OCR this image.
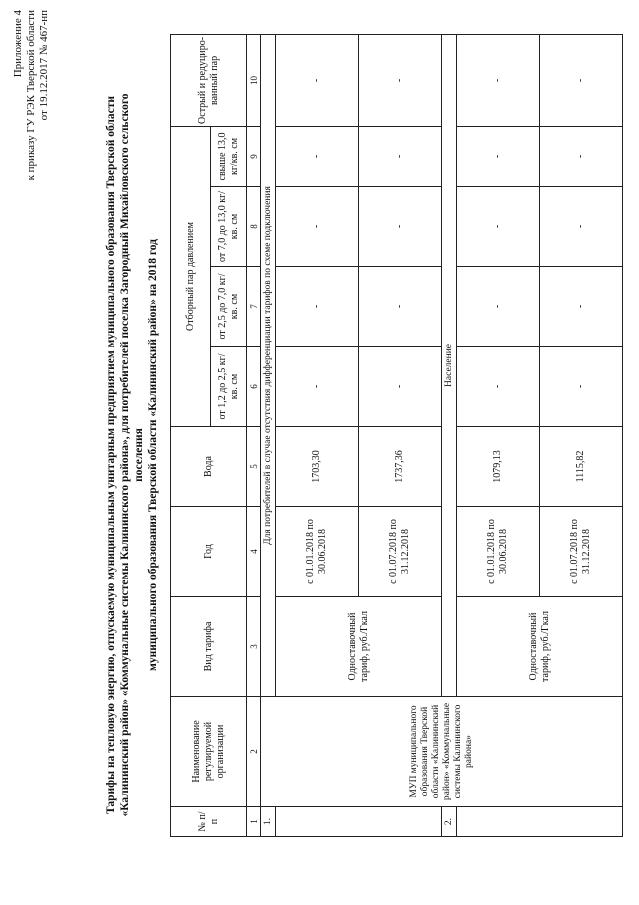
Приложение 4 к приказу ГУ РЭК Тверской области от 19.12.2017 № 467-нп
Тарифы на тепловую энергию, отпускаемую муниципальным унитарным предприятием муниципального образования Тверской области «Калининский район» «Коммунальные системы Калининского района», для потребителей поселка Загородный Михайловского сельского поселения муниципального образования Тверской области «Калининский район» на 2018 год
№ п/п	Наименование регулируемой организации	Вид тарифа	Год	Вода	Отборный пар давлением				Острый и редуциро- ванный пар
					от 1,2 до 2,5 кг/кв. см	от 2,5 до 7,0 кг/кв. см	от 7,0 до 13,0 кг/кв. см	свыше 13,0 кг/кв. см	
1	2	3	4	5	6	7	8	9	10
1.	МУП муниципального образования Тверской области «Калининский район» «Коммунальные системы Калининского района»	Для потребителей в случае отсутствия дифференциации тарифов по схеме подключения							
		Одноставочный тариф, руб./Гкал	с 01.01.2018 по 30.06.2018	1703,30	-	-	-	-	-
			с 01.07.2018 по 31.12.2018	1737,36	-	-	-	-	-
2.		Население							
		Одноставочный тариф, руб./Гкал	с 01.01.2018 по 30.06.2018	1079,13	-	-	-	-	-
			с 01.07.2018 по 31.12.2018	1115,82	-	-	-	-	-
